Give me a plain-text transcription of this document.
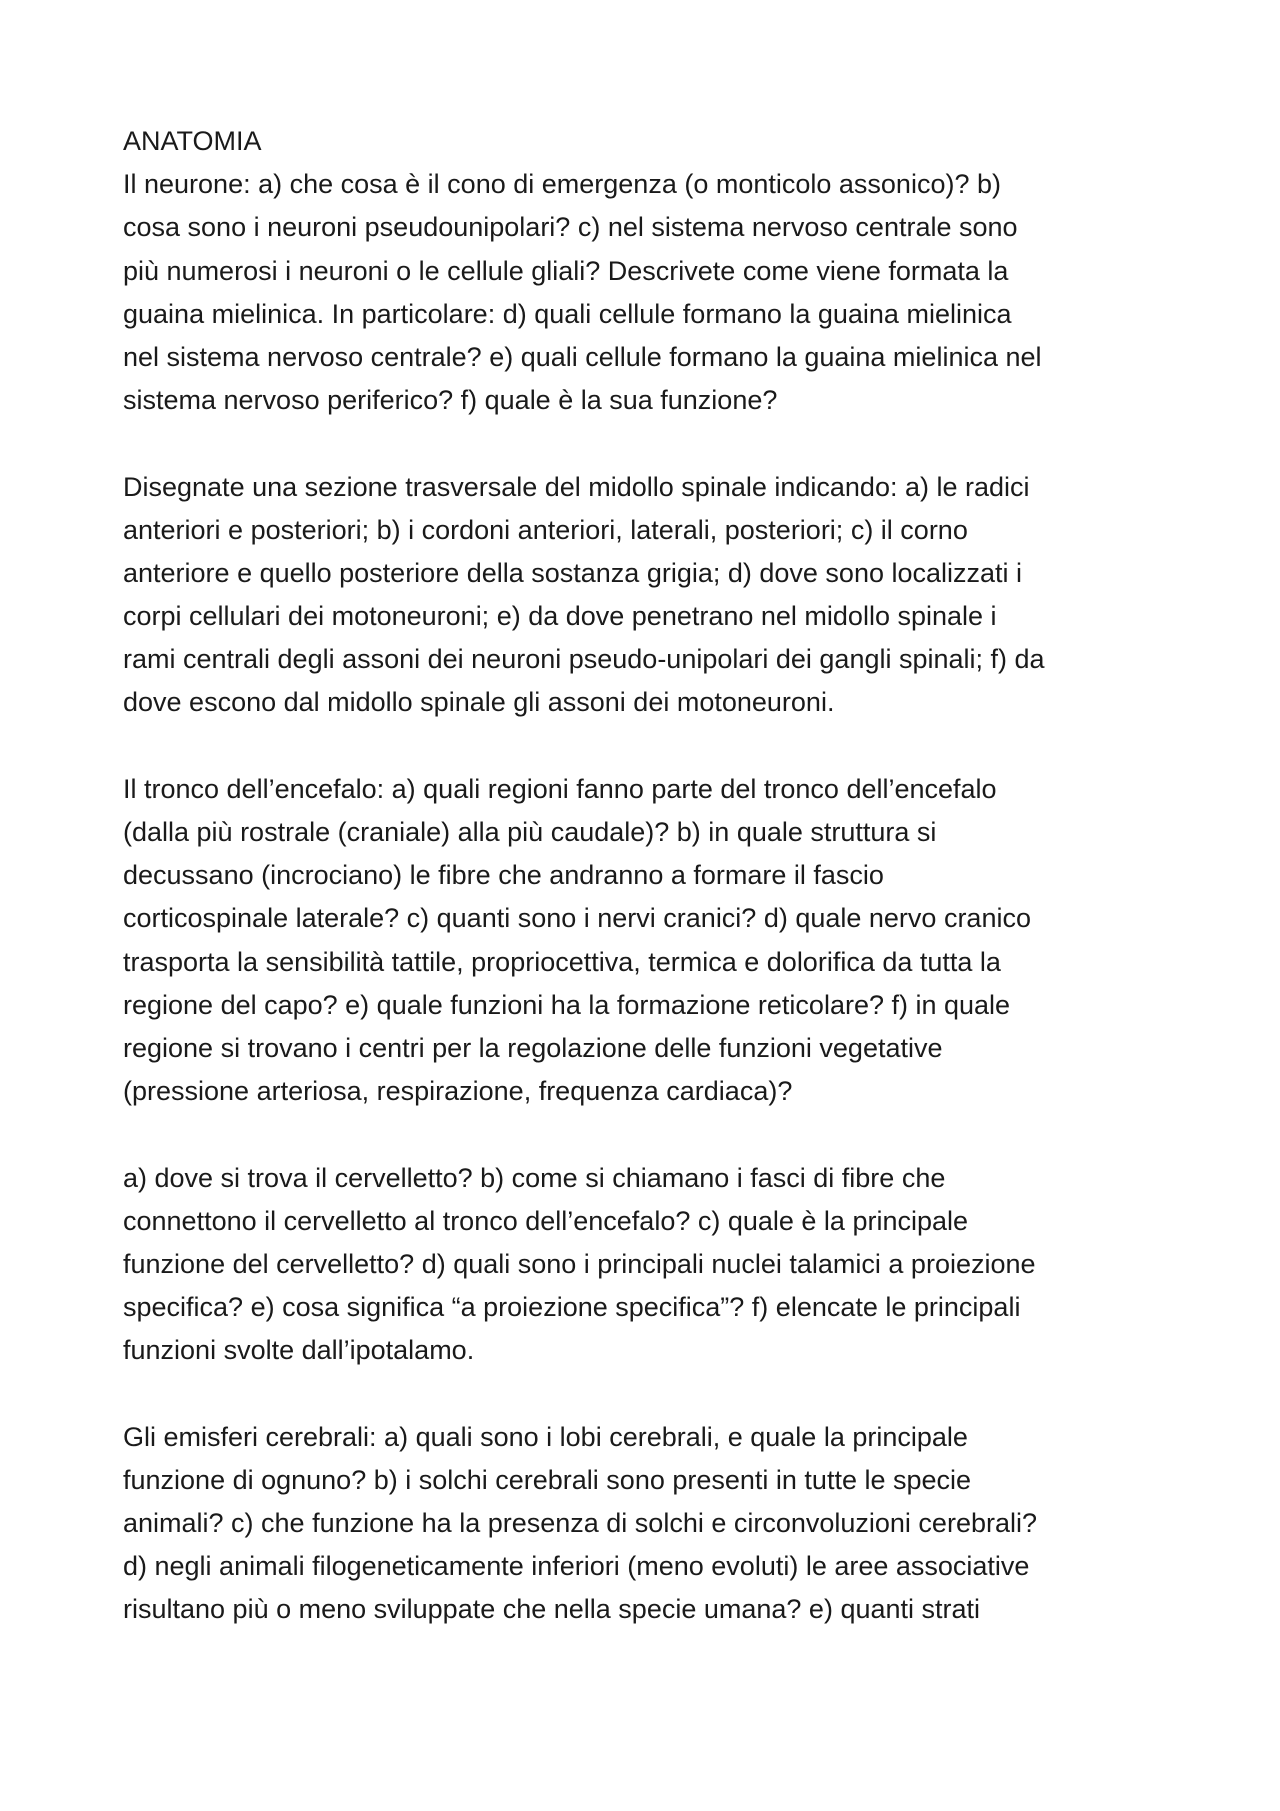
ANATOMIA
Il neurone: a) che cosa è il cono di emergenza (o monticolo assonico)? b)
cosa sono i neuroni pseudounipolari? c) nel sistema nervoso centrale sono
più numerosi i neuroni o le cellule gliali? Descrivete come viene formata la
guaina mielinica. In particolare: d) quali cellule formano la guaina mielinica
nel sistema nervoso centrale? e) quali cellule formano la guaina mielinica nel
sistema nervoso periferico? f) quale è la sua funzione?
Disegnate una sezione trasversale del midollo spinale indicando: a) le radici
anteriori e posteriori; b) i cordoni anteriori, laterali, posteriori; c) il corno
anteriore e quello posteriore della sostanza grigia; d) dove sono localizzati i
corpi cellulari dei motoneuroni; e) da dove penetrano nel midollo spinale i
rami centrali degli assoni dei neuroni pseudo-unipolari dei gangli spinali; f) da
dove escono dal midollo spinale gli assoni dei motoneuroni.
Il tronco dell’encefalo: a) quali regioni fanno parte del tronco dell’encefalo
(dalla più rostrale (craniale) alla più caudale)? b) in quale struttura si
decussano (incrociano) le fibre che andranno a formare il fascio
corticospinale laterale? c) quanti sono i nervi cranici? d) quale nervo cranico
trasporta la sensibilità tattile, propriocettiva, termica e dolorifica da tutta la
regione del capo? e) quale funzioni ha la formazione reticolare? f) in quale
regione si trovano i centri per la regolazione delle funzioni vegetative
(pressione arteriosa, respirazione, frequenza cardiaca)?
a) dove si trova il cervelletto? b) come si chiamano i fasci di fibre che
connettono il cervelletto al tronco dell’encefalo? c) quale è la principale
funzione del cervelletto? d) quali sono i principali nuclei talamici a proiezione
specifica? e) cosa significa “a proiezione specifica”? f) elencate le principali
funzioni svolte dall’ipotalamo.
Gli emisferi cerebrali: a) quali sono i lobi cerebrali, e quale la principale
funzione di ognuno? b) i solchi cerebrali sono presenti in tutte le specie
animali? c) che funzione ha la presenza di solchi e circonvoluzioni cerebrali?
d) negli animali filogeneticamente inferiori (meno evoluti) le aree associative
risultano più o meno sviluppate che nella specie umana? e) quanti strati
